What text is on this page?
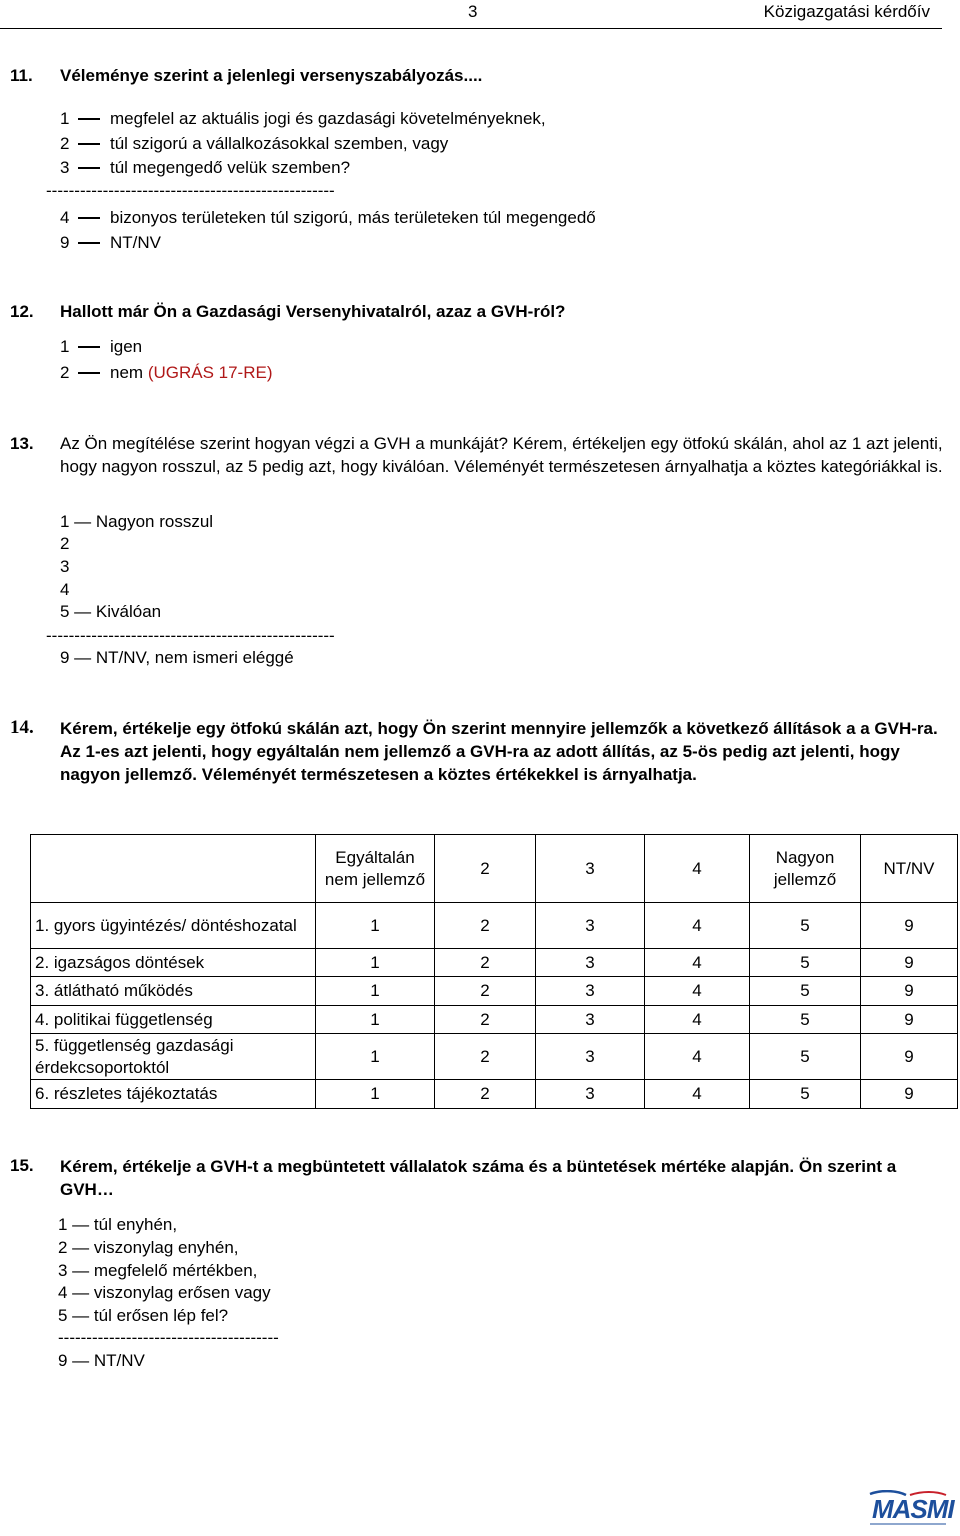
3	Közigazgatási kérdőív
11. Véleménye szerint a jelenlegi versenyszabályozás....
1 megfelel az aktuális jogi és gazdasági követelményeknek,
2 túl szigorú a vállalkozásokkal szemben, vagy
3 túl megengedő velük szemben?
---------------------------------------------------
4 bizonyos területeken túl szigorú, más területeken túl megengedő
9 NT/NV
12. Hallott már Ön a Gazdasági Versenyhivatalról, azaz a GVH-ról?
1 igen
2 nem (UGRÁS 17-RE)
13. Az Ön megítélése szerint hogyan végzi a GVH a munkáját? Kérem, értékeljen egy ötfokú skálán, ahol az 1 azt jelenti, hogy nagyon rosszul, az 5 pedig azt, hogy kiválóan. Véleményét természetesen árnyalhatja a köztes kategóriákkal is.
1 — Nagyon rosszul
2
3
4
5 — Kiválóan
---------------------------------------------------
9 — NT/NV, nem ismeri eléggé
14. Kérem, értékelje egy ötfokú skálán azt, hogy Ön szerint mennyire jellemzők a következő állítások a a GVH-ra. Az 1-es azt jelenti, hogy egyáltalán nem jellemző a GVH-ra az adott állítás, az 5-ös pedig azt jelenti, hogy nagyon jellemző. Véleményét természetesen a köztes értékekkel is árnyalhatja.
	Egyáltalán nem jellemző	2	3	4	Nagyon jellemző	NT/NV
1. gyors ügyintézés/ döntéshozatal	1	2	3	4	5	9
2. igazságos döntések	1	2	3	4	5	9
3. átlátható működés	1	2	3	4	5	9
4. politikai függetlenség	1	2	3	4	5	9
5. függetlenség gazdasági érdekcsoportoktól	1	2	3	4	5	9
6. részletes tájékoztatás	1	2	3	4	5	9
15. Kérem, értékelje a GVH-t a megbüntetett vállalatok száma és a büntetések mértéke alapján. Ön szerint a GVH…
1 — túl enyhén,
2 — viszonylag enyhén,
3 — megfelelő mértékben,
4 — viszonylag erősen vagy
5 — túl erősen lép fel?
---------------------------------------
9 — NT/NV
MASMI
